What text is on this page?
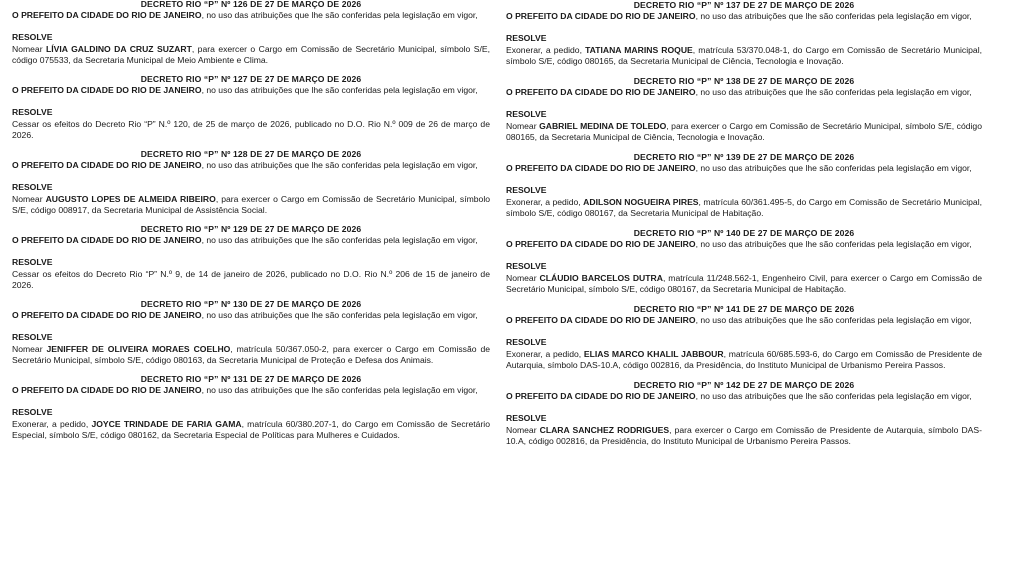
DECRETO RIO “P” Nº 126 DE 27 DE MARÇO DE 2026

O PREFEITO DA CIDADE DO RIO DE JANEIRO, no uso das atribuições que lhe são conferidas pela legislação em vigor,

RESOLVE

Nomear LÍVIA GALDINO DA CRUZ SUZART, para exercer o Cargo em Comissão de Secretário Municipal, símbolo S/E, código 075533, da Secretaria Municipal de Meio Ambiente e Clima.

DECRETO RIO “P” Nº 127 DE 27 DE MARÇO DE 2026

O PREFEITO DA CIDADE DO RIO DE JANEIRO, no uso das atribuições que lhe são conferidas pela legislação em vigor,

RESOLVE

Cessar os efeitos do Decreto Rio “P” N.º 120, de 25 de março de 2026, publicado no D.O. Rio N.º 009 de 26 de março de 2026.

DECRETO RIO “P” Nº 128 DE 27 DE MARÇO DE 2026

O PREFEITO DA CIDADE DO RIO DE JANEIRO, no uso das atribuições que lhe são conferidas pela legislação em vigor,

RESOLVE

Nomear AUGUSTO LOPES DE ALMEIDA RIBEIRO, para exercer o Cargo em Comissão de Secretário Municipal, símbolo S/E, código 008917, da Secretaria Municipal de Assistência Social.

DECRETO RIO “P” Nº 129 DE 27 DE MARÇO DE 2026

O PREFEITO DA CIDADE DO RIO DE JANEIRO, no uso das atribuições que lhe são conferidas pela legislação em vigor,

RESOLVE

Cessar os efeitos do Decreto Rio “P” N.º 9, de 14 de janeiro de 2026, publicado no D.O. Rio N.º 206 de 15 de janeiro de 2026.

DECRETO RIO “P” Nº 130 DE 27 DE MARÇO DE 2026

O PREFEITO DA CIDADE DO RIO DE JANEIRO, no uso das atribuições que lhe são conferidas pela legislação em vigor,

RESOLVE

Nomear JENIFFER DE OLIVEIRA MORAES COELHO, matrícula 50/367.050-2, para exercer o Cargo em Comissão de Secretário Municipal, símbolo S/E, código 080163, da Secretaria Municipal de Proteção e Defesa dos Animais.

DECRETO RIO “P” Nº 131 DE 27 DE MARÇO DE 2026

O PREFEITO DA CIDADE DO RIO DE JANEIRO, no uso das atribuições que lhe são conferidas pela legislação em vigor,

RESOLVE

Exonerar, a pedido, JOYCE TRINDADE DE FARIA GAMA, matrícula 60/380.207-1, do Cargo em Comissão de Secretário Especial, símbolo S/E, código 080162, da Secretaria Especial de Políticas para Mulheres e Cuidados.

DECRETO RIO “P” Nº 137 DE 27 DE MARÇO DE 2026

O PREFEITO DA CIDADE DO RIO DE JANEIRO, no uso das atribuições que lhe são conferidas pela legislação em vigor,

RESOLVE

Exonerar, a pedido, TATIANA MARINS ROQUE, matrícula 53/370.048-1, do Cargo em Comissão de Secretário Municipal, símbolo S/E, código 080165, da Secretaria Municipal de Ciência, Tecnologia e Inovação.

DECRETO RIO “P” Nº 138 DE 27 DE MARÇO DE 2026

O PREFEITO DA CIDADE DO RIO DE JANEIRO, no uso das atribuições que lhe são conferidas pela legislação em vigor,

RESOLVE

Nomear GABRIEL MEDINA DE TOLEDO, para exercer o Cargo em Comissão de Secretário Municipal, símbolo S/E, código 080165, da Secretaria Municipal de Ciência, Tecnologia e Inovação.

DECRETO RIO “P” Nº 139 DE 27 DE MARÇO DE 2026

O PREFEITO DA CIDADE DO RIO DE JANEIRO, no uso das atribuições que lhe são conferidas pela legislação em vigor,

RESOLVE

Exonerar, a pedido, ADILSON NOGUEIRA PIRES, matrícula 60/361.495-5, do Cargo em Comissão de Secretário Municipal, símbolo S/E, código 080167, da Secretaria Municipal de Habitação.

DECRETO RIO “P” Nº 140 DE 27 DE MARÇO DE 2026

O PREFEITO DA CIDADE DO RIO DE JANEIRO, no uso das atribuições que lhe são conferidas pela legislação em vigor,

RESOLVE

Nomear CLÁUDIO BARCELOS DUTRA, matrícula 11/248.562-1, Engenheiro Civil, para exercer o Cargo em Comissão de Secretário Municipal, símbolo S/E, código 080167, da Secretaria Municipal de Habitação.

DECRETO RIO “P” Nº 141 DE 27 DE MARÇO DE 2026

O PREFEITO DA CIDADE DO RIO DE JANEIRO, no uso das atribuições que lhe são conferidas pela legislação em vigor,

RESOLVE

Exonerar, a pedido, ELIAS MARCO KHALIL JABBOUR, matrícula 60/685.593-6, do Cargo em Comissão de Presidente de Autarquia, símbolo DAS-10.A, código 002816, da Presidência, do Instituto Municipal de Urbanismo Pereira Passos.

DECRETO RIO “P” Nº 142 DE 27 DE MARÇO DE 2026

O PREFEITO DA CIDADE DO RIO DE JANEIRO, no uso das atribuições que lhe são conferidas pela legislação em vigor,

RESOLVE

Nomear CLARA SANCHEZ RODRIGUES, para exercer o Cargo em Comissão de Presidente de Autarquia, símbolo DAS-10.A, código 002816, da Presidência, do Instituto Municipal de Urbanismo Pereira Passos.
